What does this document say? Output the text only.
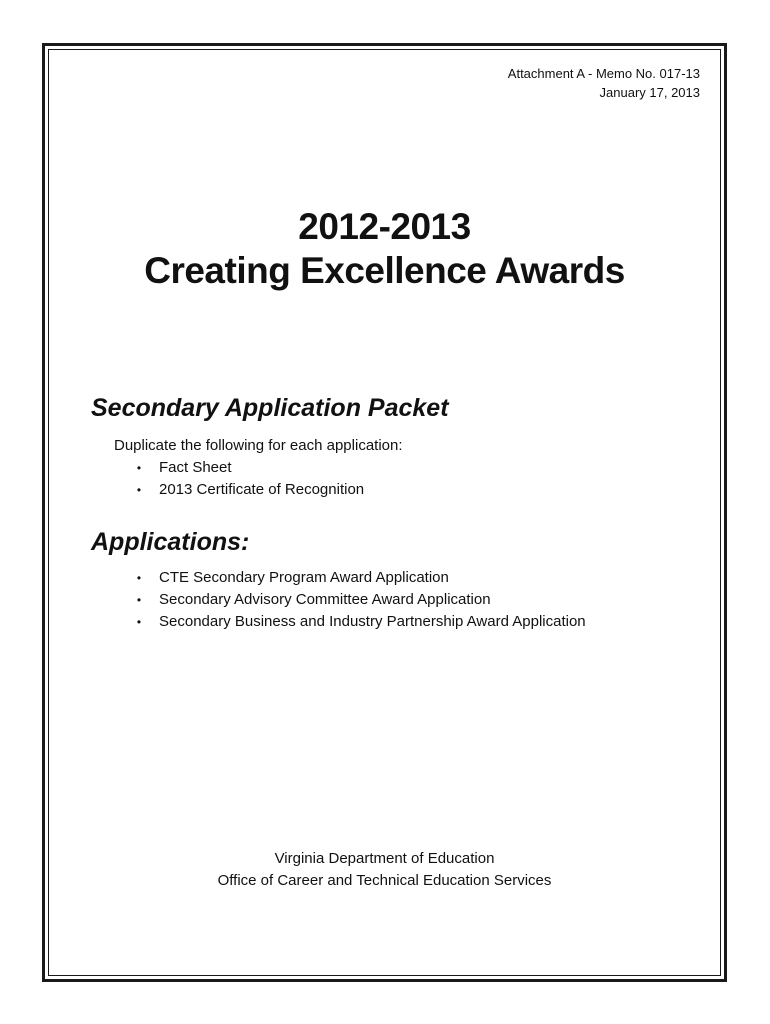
Attachment A - Memo No. 017-13
January 17, 2013
2012-2013
Creating Excellence Awards
Secondary Application Packet
Duplicate the following for each application:
• Fact Sheet
• 2013 Certificate of Recognition
Applications:
• CTE Secondary Program Award Application
• Secondary Advisory Committee Award Application
• Secondary Business and Industry Partnership Award Application
Virginia Department of Education
Office of Career and Technical Education Services
